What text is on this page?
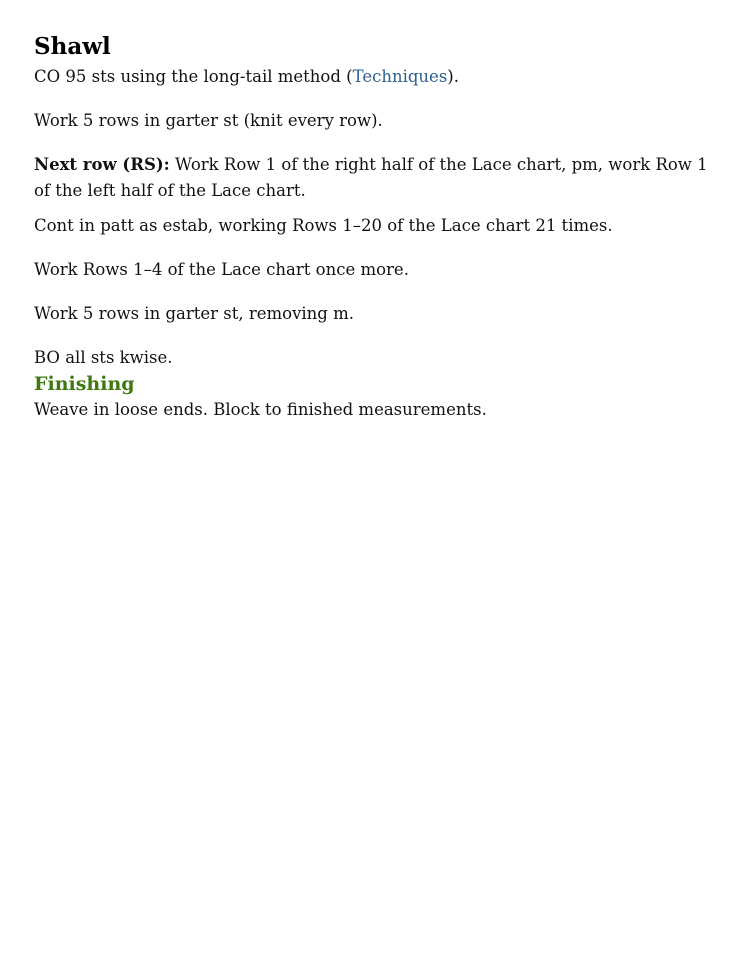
Shawl

CO 95 sts using the long-tail method (Techniques).

Work 5 rows in garter st (knit every row).

Next row (RS): Work Row 1 of the right half of the Lace chart, pm, work Row 1 of the left half of the Lace chart.

Cont in patt as estab, working Rows 1–20 of the Lace chart 21 times.

Work Rows 1–4 of the Lace chart once more.

Work 5 rows in garter st, removing m.

BO all sts kwise.

Finishing

Weave in loose ends. Block to finished measurements.
